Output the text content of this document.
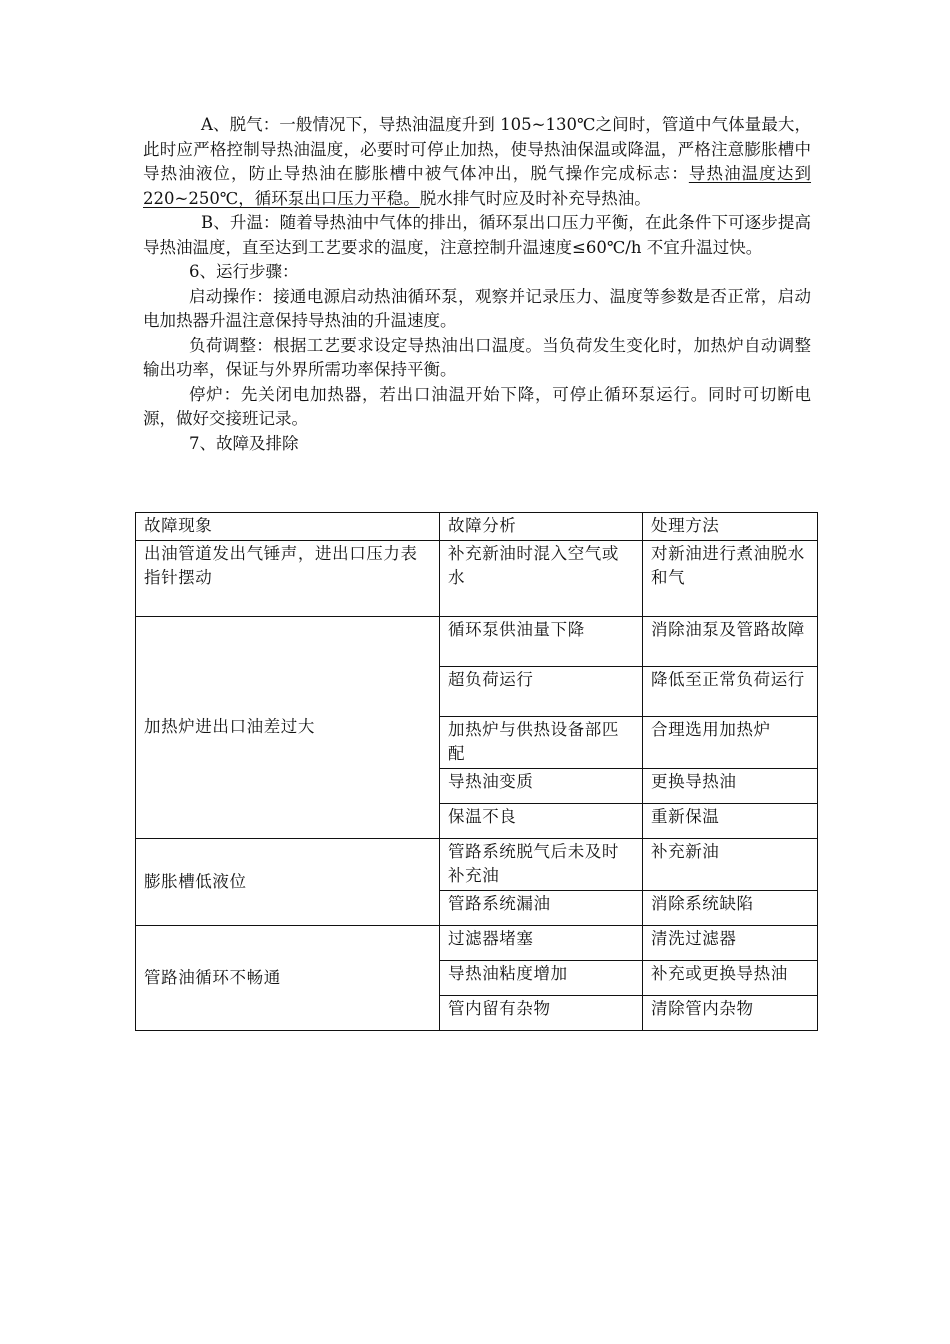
A、脱气：一般情况下，导热油温度升到 105~130℃之间时，管道中气体量最大，此时应严格控制导热油温度，必要时可停止加热，使导热油保温或降温，严格注意膨胀槽中导热油液位，防止导热油在膨胀槽中被气体冲出，脱气操作完成标志：导热油温度达到 220~250℃，循环泵出口压力平稳。脱水排气时应及时补充导热油。

B、升温：随着导热油中气体的排出，循环泵出口压力平衡，在此条件下可逐步提高导热油温度，直至达到工艺要求的温度，注意控制升温速度≤60℃/h 不宜升温过快。

6、运行步骤：

启动操作：接通电源启动热油循环泵，观察并记录压力、温度等参数是否正常，启动电加热器升温注意保持导热油的升温速度。

负荷调整：根据工艺要求设定导热油出口温度。当负荷发生变化时，加热炉自动调整输出功率，保证与外界所需功率保持平衡。

停炉：先关闭电加热器，若出口油温开始下降，可停止循环泵运行。同时可切断电源，做好交接班记录。

7、故障及排除

故障现象	故障分析	处理方法
出油管道发出气锤声，进出口压力表指针摆动	补充新油时混入空气或水	对新油进行煮油脱水和气
加热炉进出口油差过大	循环泵供油量下降	消除油泵及管路故障
	超负荷运行	降低至正常负荷运行
	加热炉与供热设备部匹配	合理选用加热炉
	导热油变质	更换导热油
	保温不良	重新保温
膨胀槽低液位	管路系统脱气后未及时补充油	补充新油
	管路系统漏油	消除系统缺陷
管路油循环不畅通	过滤器堵塞	清洗过滤器
	导热油粘度增加	补充或更换导热油
	管内留有杂物	清除管内杂物
